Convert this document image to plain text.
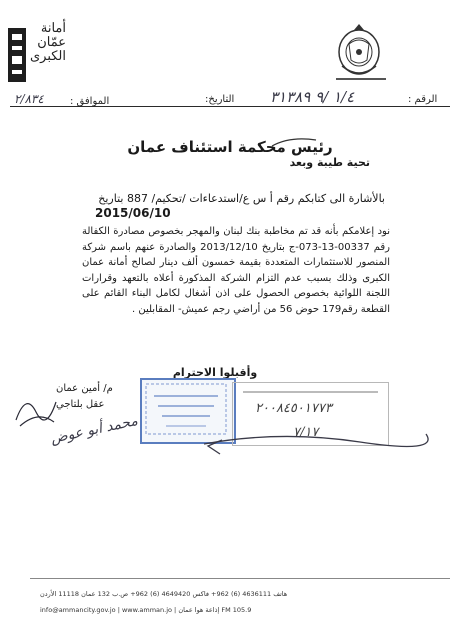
أمانة
عمّان
الكبرى
الرقم :
١/٤ /٩ ٣١٣٨٩
التاريخ:
الموافق :
٢/٨٣٤
رئيس محكمة استئناف عمان
تحية طيبة وبعد
بالأشارة الى كتابكم رقم أ س ع/استدعاءات /تحكيم/ 887 بتاريخ
2015/06/10
نود إعلامكم بأنه قد تم مخاطبة بنك لبنان والمهجر بخصوص مصادرة الكفالة رقم 00337-13-073-ج بتاريخ 2013/12/10 والصادرة عنهم باسم شركة المنصور للاستثمارات المتعددة بقيمة خمسون ألف دينار لصالح أمانة عمان الكبرى وذلك بسبب عدم التزام الشركة المذكورة أعلاه بالتعهد وقرارات اللجنة اللوائية بخصوص الحصول على اذن أشغال لكامل البناء القائم على القطعة رقم179 حوض 56 من أراضي رجم عميش- المقابلين .
وأقبلوا الاحترام
٢٠٠٨٤٥٠١٧٧٣
٧/١٧
م/ أمين عمان
عقل بلتاجي
محمد أبو عوض
هاتف 4636111 (6) 962+ فاكس 4649420 (6) 962+ ص.ب 132 عمان 11118 الأردن
info@ammancity.gov.jo | www.amman.jo | إذاعة هوا عمان FM 105.9
